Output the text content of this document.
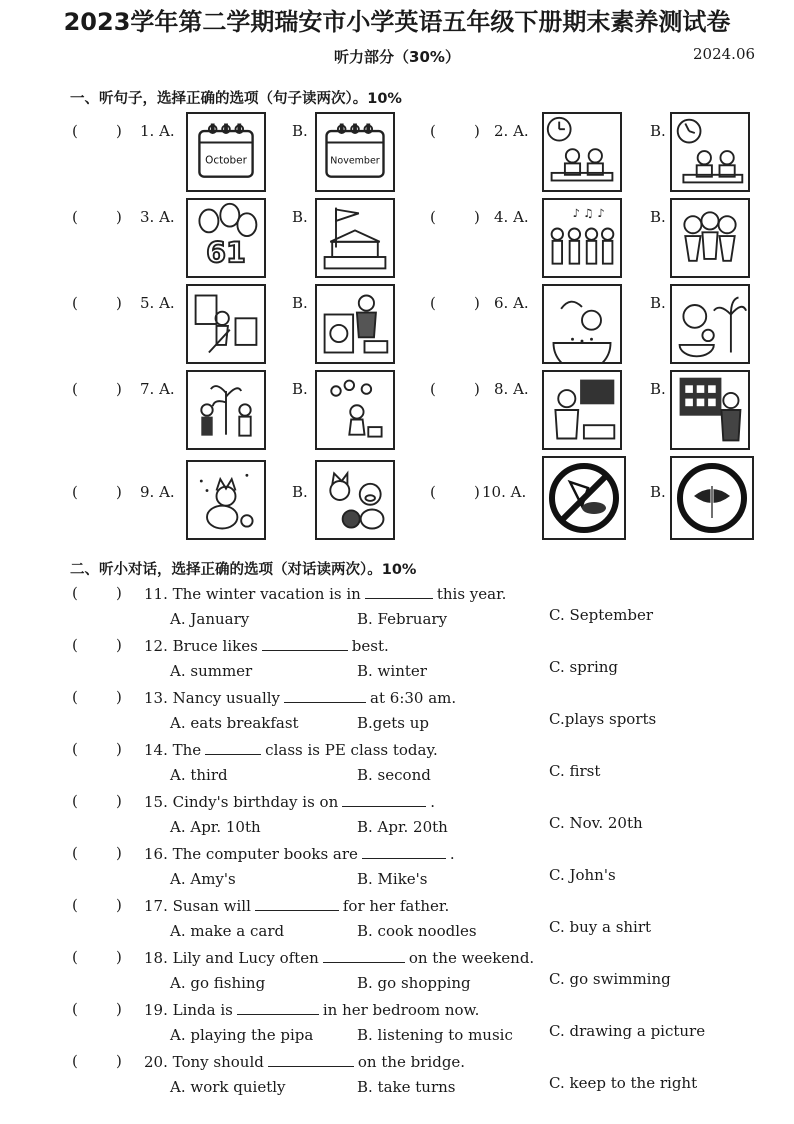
2023学年第二学期瑞安市小学英语五年级下册期末素养测试卷
听力部分（30%）	2024.06
一、听句子，选择正确的选项（句子读两次）。10%
(        ) 1. A.
October
B.
November
(        ) 2. A.	B.
(        ) 3. A.
61
B.	(        ) 4. A.	♪ ♫ ♪	B.
(        ) 5. A.	B.	(        ) 6. A.	B.
(        ) 7. A.	B.	(        ) 8. A.	B.
(        ) 9. A.	B.	(        ) 10. A.	B.
二、听小对话，选择正确的选项（对话读两次）。10%
(        ) 11. The winter vacation is in	this year.
A. January	B. February	C. September
(        ) 12. Bruce likes	best.
A. summer	B. winter	C. spring
(        ) 13. Nancy usually	at 6:30 am.
A. eats breakfast	B.gets up	C.plays sports
(        ) 14. The	class is PE class today.
A. third	B. second	C. first
(        ) 15. Cindy's birthday is on	.
A. Apr. 10th	B. Apr. 20th	C. Nov. 20th
(        ) 16. The computer books are	.
A. Amy's	B. Mike's	C. John's
(        ) 17. Susan will	for her father.
A. make a card	B. cook noodles	C. buy a shirt
(        ) 18. Lily and Lucy often	on the weekend.
A. go fishing	B. go shopping	C. go swimming
(        ) 19. Linda is	in her bedroom now.
A. playing the pipa	B. listening to music C. drawing a picture
(        ) 20. Tony should	on the bridge.
A. work quietly	B. take turns	C. keep to the right
